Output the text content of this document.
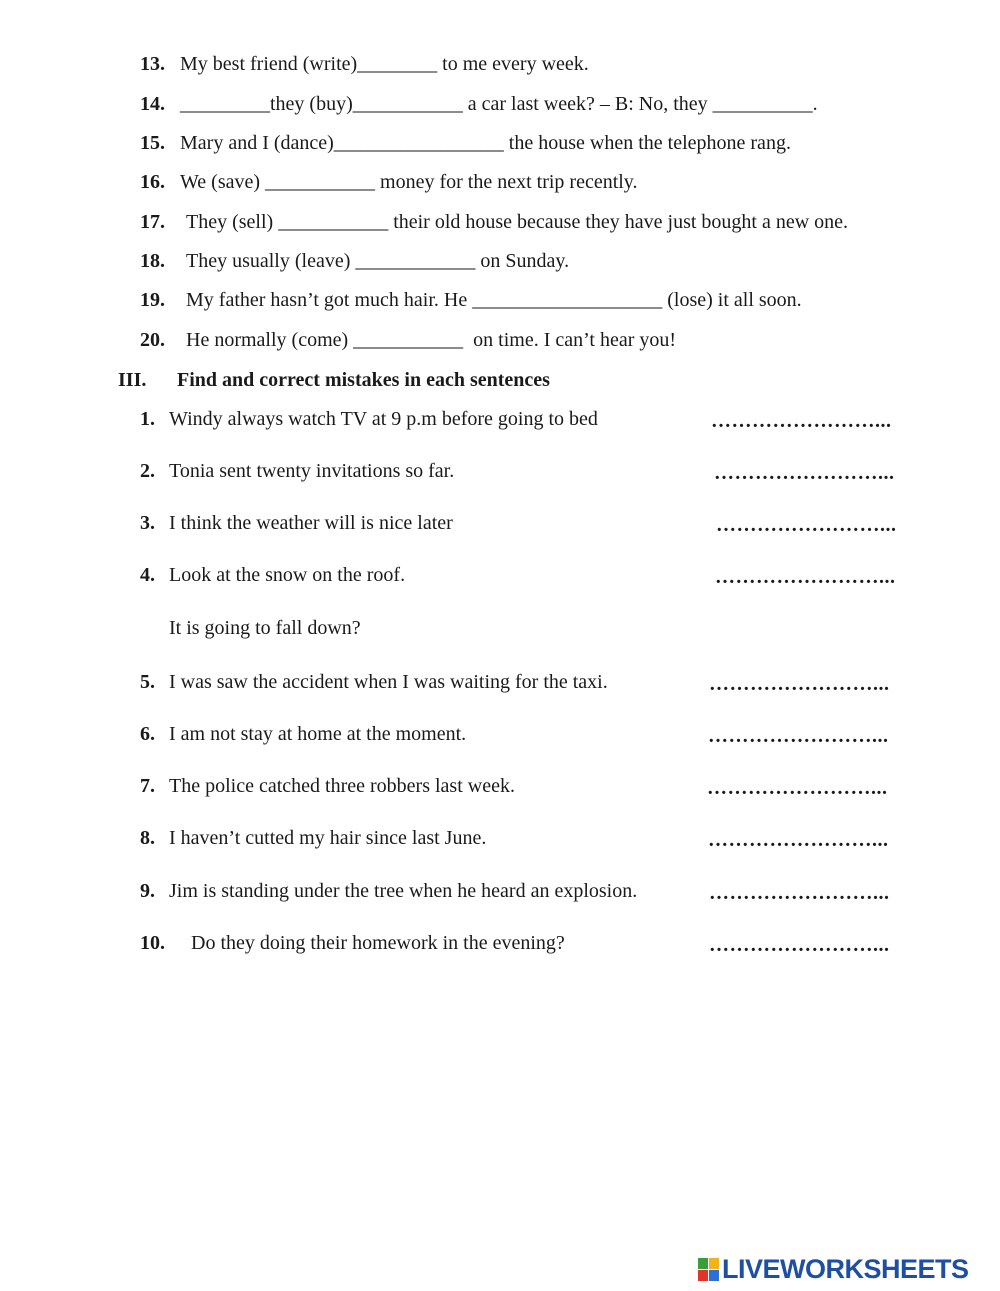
13. My best friend (write)________ to me every week.
14. _________they (buy)___________ a car last week? – B: No, they __________.
15. Mary and I (dance)_________________ the house when the telephone rang.
16. We (save) ___________ money for the next trip recently.
17. They (sell) ___________ their old house because they have just bought a new one.
18. They usually (leave) ____________ on Sunday.
19. My father hasn’t got much hair. He ___________________ (lose) it all soon.
20. He normally (come) ___________  on time. I can’t hear you!
III. Find and correct mistakes in each sentences
1. Windy always watch TV at 9 p.m before going to bed	……………………...
2. Tonia sent twenty invitations so far.	……………………...
3. I think the weather will is nice later	……………………...
4. Look at the snow on the roof.	……………………...
It is going to fall down?
5. I was saw the accident when I was waiting for the taxi.	……………………...
6. I am not stay at home at the moment.	……………………...
7. The police catched three robbers last week.	……………………...
8. I haven’t cutted my hair since last June.	……………………...
9. Jim is standing under the tree when he heard an explosion.	……………………...
10. Do they doing their homework in the evening?	……………………...
LIVEWORKSHEETS
